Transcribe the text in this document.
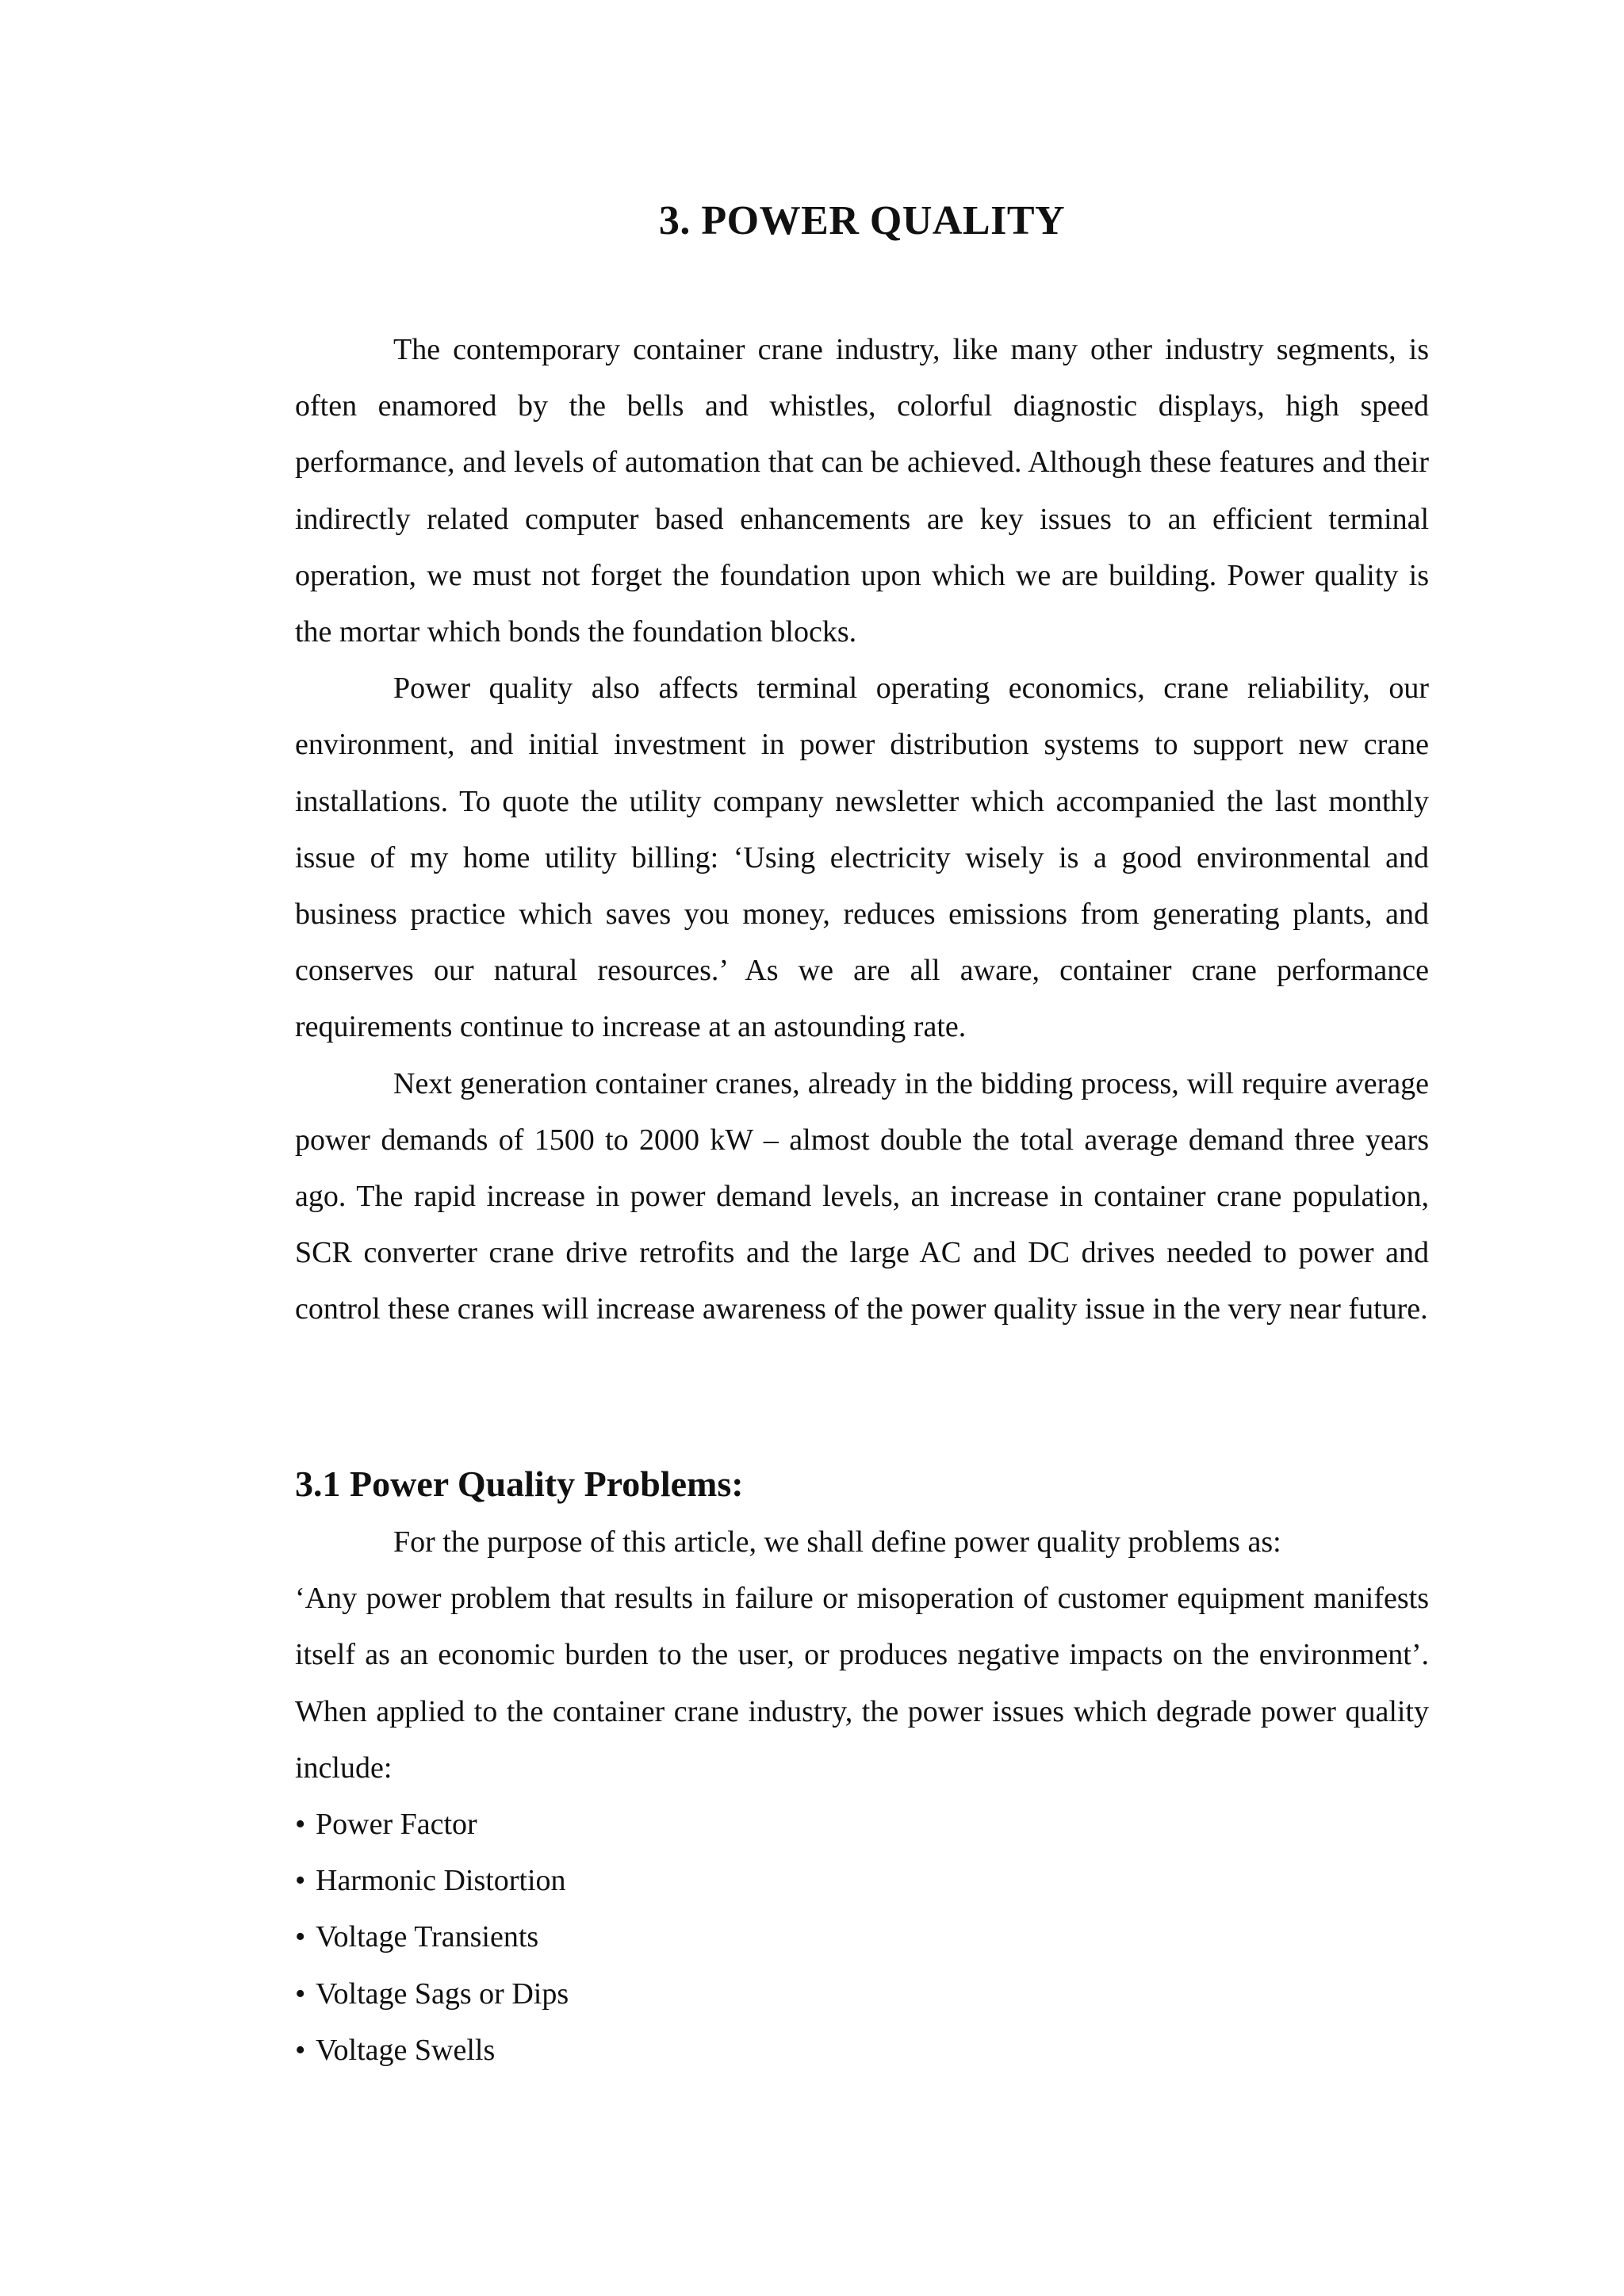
3. POWER QUALITY

The contemporary container crane industry, like many other industry segments, is often enamored by the bells and whistles, colorful diagnostic displays, high speed performance, and levels of automation that can be achieved. Although these features and their indirectly related computer based enhancements are key issues to an efficient terminal operation, we must not forget the foundation upon which we are building. Power quality is the mortar which bonds the foundation blocks.

Power quality also affects terminal operating economics, crane reliability, our environment, and initial investment in power distribution systems to support new crane installations. To quote the utility company newsletter which accompanied the last monthly issue of my home utility billing: ‘Using electricity wisely is a good environmental and business practice which saves you money, reduces emissions from generating plants, and conserves our natural resources.’ As we are all aware, container crane performance requirements continue to increase at an astounding rate.

Next generation container cranes, already in the bidding process, will require average power demands of 1500 to 2000 kW – almost double the total average demand three years ago. The rapid increase in power demand levels, an increase in container crane population, SCR converter crane drive retrofits and the large AC and DC drives needed to power and control these cranes will increase awareness of the power quality issue in the very near future.

3.1 Power Quality Problems:

For the purpose of this article, we shall define power quality problems as:

‘Any power problem that results in failure or misoperation of customer equipment manifests itself as an economic burden to the user, or produces negative impacts on the environment’. When applied to the container crane industry, the power issues which degrade power quality include:

• Power Factor
• Harmonic Distortion
• Voltage Transients
• Voltage Sags or Dips
• Voltage Swells
